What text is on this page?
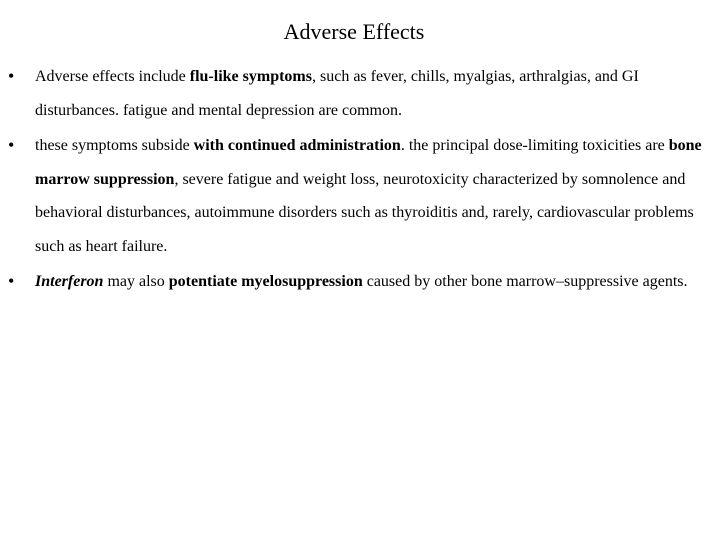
Adverse Effects
• Adverse effects include flu-like symptoms, such as fever, chills, myalgias, arthralgias, and GI disturbances. fatigue and mental depression are common.
• these symptoms subside with continued administration. the principal dose-limiting toxicities are bone marrow suppression, severe fatigue and weight loss, neurotoxicity characterized by somnolence and behavioral disturbances, autoimmune disorders such as thyroiditis and, rarely, cardiovascular problems such as heart failure.
• Interferon may also potentiate myelosuppression caused by other bone marrow–suppressive agents.
